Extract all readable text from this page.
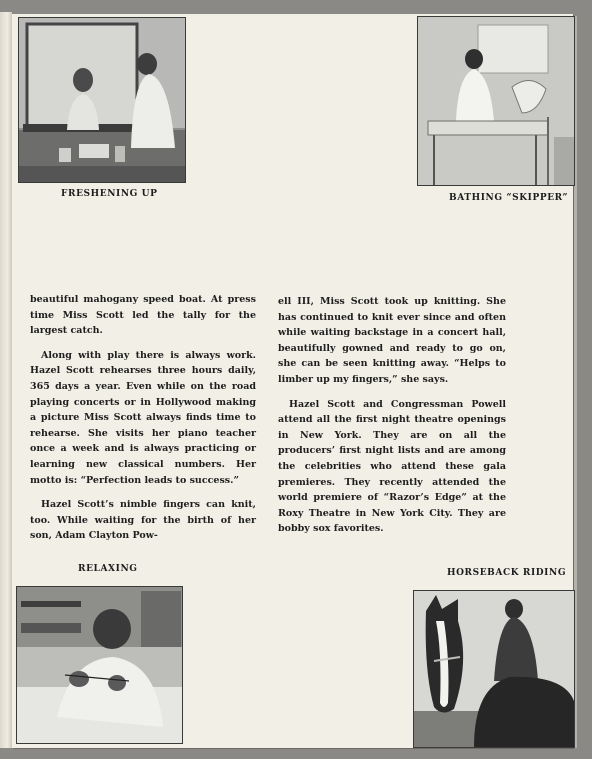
FRESHENING UP	BATHING “SKIPPER”

beautiful mahogany speed boat. At press time Miss Scott led the tally for the largest catch.

Along with play there is always work. Hazel Scott rehearses three hours daily, 365 days a year. Even while on the road playing concerts or in Hollywood making a picture Miss Scott always finds time to rehearse. She visits her piano teacher once a week and is always practicing or learning new classical numbers. Her motto is: “Perfection leads to success.”

Hazel Scott’s nimble fingers can knit, too. While waiting for the birth of her son, Adam Clayton Pow-

ell III, Miss Scott took up knitting. She has continued to knit ever since and often while waiting backstage in a concert hall, beautifully gowned and ready to go on, she can be seen knitting away. “Helps to limber up my fingers,” she says.

Hazel Scott and Congressman Powell attend all the first night theatre openings in New York. They are on all the producers’ first night lists and are among the celebrities who attend these gala premieres. They recently attended the world premiere of “Razor’s Edge” at the Roxy Theatre in New York City. They are bobby sox favorites.

RELAXING	HORSEBACK RIDING
